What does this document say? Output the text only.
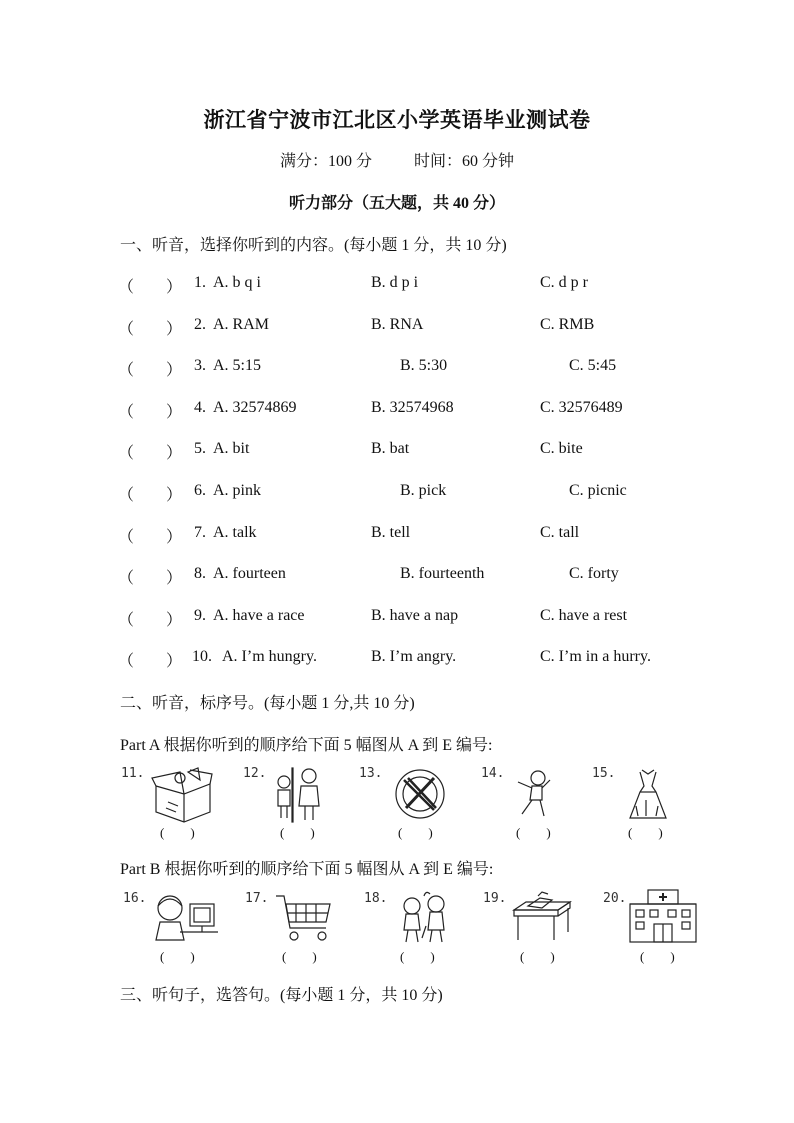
浙江省宁波市江北区小学英语毕业测试卷
满分：100 分	时间：60 分钟
听力部分（五大题，共 40 分）
一、听音，选择你听到的内容。(每小题 1 分，共 10 分)
（　　） 1. A. b q i	B. d p i	C. d p r
（　　） 2. A. RAM	B. RNA	C. RMB
（　　） 3. A. 5:15	B. 5:30	C. 5:45
（　　） 4. A. 32574869	B. 32574968	C. 32576489
（　　） 5. A. bit	B. bat	C. bite
（　　） 6. A. pink	B. pick	C. picnic
（　　） 7. A. talk	B. tell	C. tall
（　　） 8. A. fourteen	B. fourteenth	C. forty
（　　） 9. A. have a race	B. have a nap	C. have a rest
（　　） 10. A. I’m hungry.	B. I’m angry.	C. I’m in a hurry.
二、听音，标序号。(每小题 1 分,共 10 分)
Part A 根据你听到的顺序给下面 5 幅图从 A 到 E 编号:
11.
(　　)
12.
(　　)
13.
(　　)
14.
(　　)
15.
(　　)
Part B 根据你听到的顺序给下面 5 幅图从 A 到 E 编号:
16.
(　　)
17.
(　　)
18.
(　　)
19.
(　　)
20.
(　　)
三、听句子，选答句。(每小题 1 分，共 10 分)
